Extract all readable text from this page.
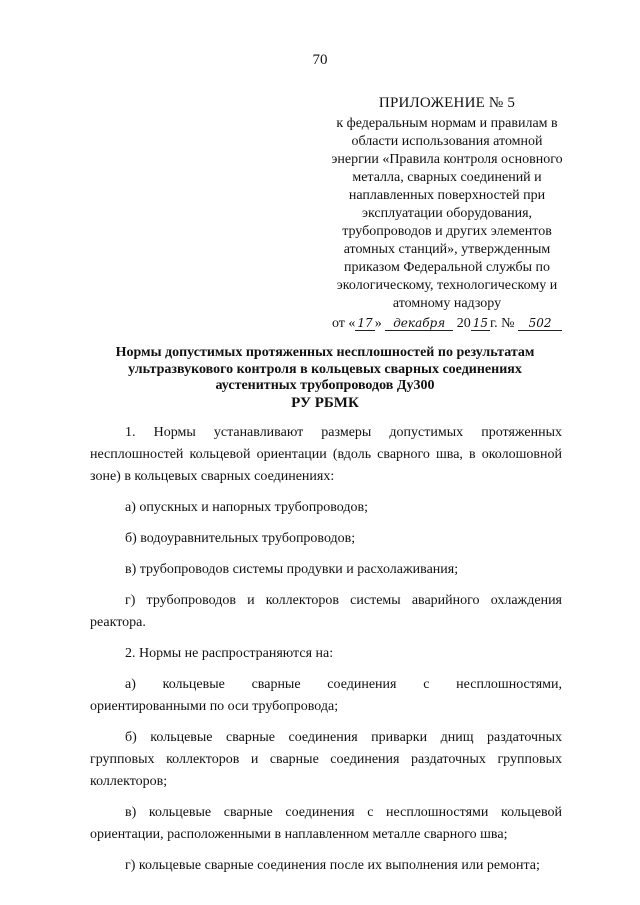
70
ПРИЛОЖЕНИЕ № 5
к федеральным нормам и правилам в
области использования атомной
энергии «Правила контроля основного
металла, сварных соединений и
наплавленных поверхностей при
эксплуатации оборудования,
трубопроводов и других элементов
атомных станций», утвержденным
приказом Федеральной службы по
экологическому, технологическому и
атомному надзору
от « 17 » декабря 20 15 г. № 502
Нормы допустимых протяженных несплошностей по результатам
ультразвукового контроля в кольцевых сварных соединениях
аустенитных трубопроводов Ду300
РУ РБМК

1. Нормы устанавливают размеры допустимых протяженных

несплошностей кольцевой ориентации (вдоль сварного шва, в околошовной

зоне) в кольцевых сварных соединениях:

а) опускных и напорных трубопроводов;

б) водоуравнительных трубопроводов;

в) трубопроводов системы продувки и расхолаживания;

г) трубопроводов и коллекторов системы аварийного охлаждения

реактора.

2. Нормы не распространяются на:

а) кольцевые сварные соединения с несплошностями,

ориентированными по оси трубопровода;

б) кольцевые сварные соединения приварки днищ раздаточных

групповых коллекторов и сварные соединения раздаточных групповых

коллекторов;

в) кольцевые сварные соединения с несплошностями кольцевой

ориентации, расположенными в наплавленном металле сварного шва;

г) кольцевые сварные соединения после их выполнения или ремонта;
